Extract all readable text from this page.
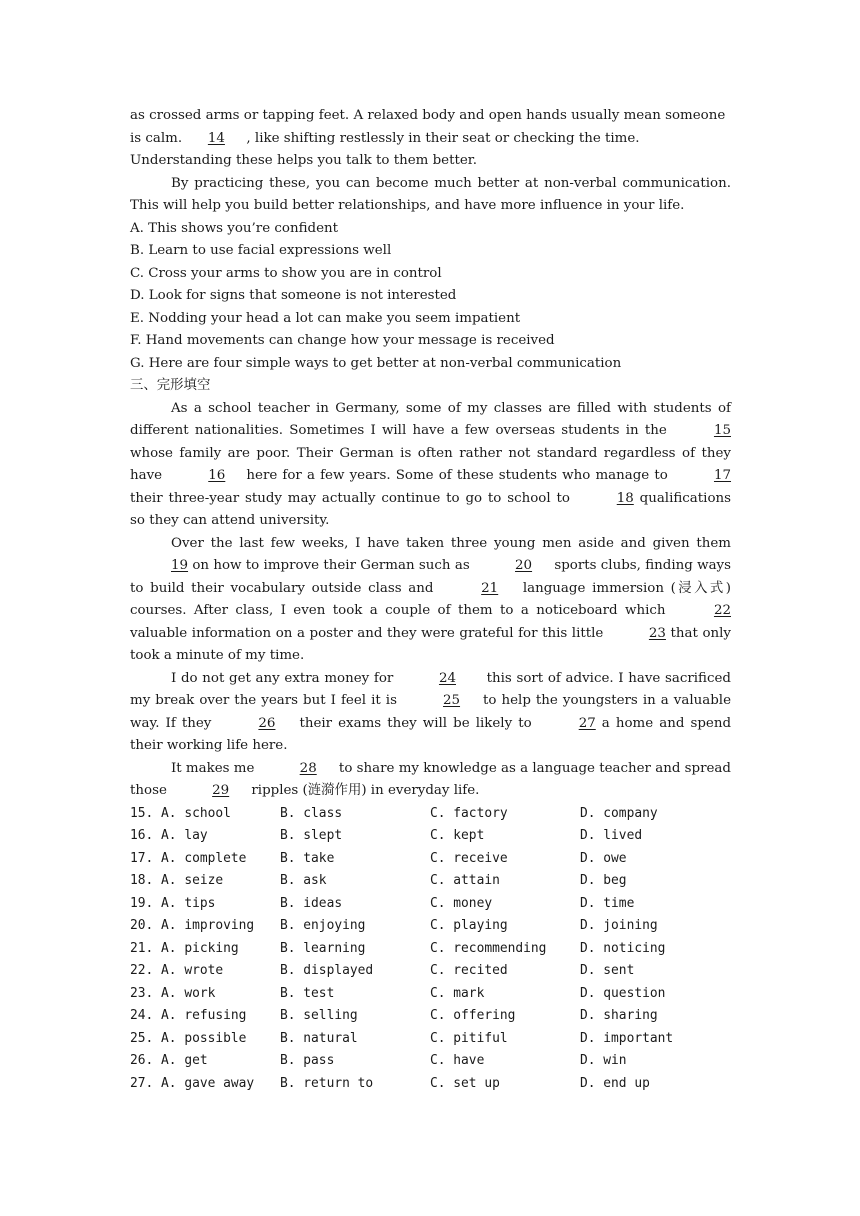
as crossed arms or tapping feet. A relaxed body and open hands usually mean someone

is calm. 14 , like shifting restlessly in their seat or checking the time.

Understanding these helps you talk to them better.

By practicing these, you can become much better at non-verbal communication. This will help you build better relationships, and have more influence in your life.

A. This shows you’re confident

B. Learn to use facial expressions well

C. Cross your arms to show you are in control

D. Look for signs that someone is not interested

E. Nodding your head a lot can make you seem impatient

F. Hand movements can change how your message is received

G. Here are four simple ways to get better at non-verbal communication

三、完形填空

As a school teacher in Germany, some of my classes are filled with students of different nationalities. Sometimes I will have a few overseas students in the	15 whose family are poor. Their German is often rather not standard regardless of they have	16 here for a few years. Some of these students who manage to	17 their three-year study may actually continue to go to school to	18 qualifications so they can attend university.

Over the last few weeks, I have taken three young men aside and given them 19 on how to improve their German such as	20 sports clubs, finding ways to build their vocabulary outside class and	21 language immersion (浸入式) courses. After class, I even took a couple of them to a noticeboard which	22 valuable information on a poster and they were grateful for this little	23 that only took a minute of my time.

I do not get any extra money for	24 this sort of advice. I have sacrificed my break over the years but I feel it is	25 to help the youngsters in a valuable way. If they	26 their exams they will be likely to	27 a home and spend their working life here.

It makes me	28 to share my knowledge as a language teacher and spread those	29 ripples (涟漪作用) in everyday life.

15. A. school	B. class	C. factory	D. company
16. A. lay	B. slept	C. kept	D. lived
17. A. complete	B. take	C. receive	D. owe
18. A. seize	B. ask	C. attain	D. beg
19. A. tips	B. ideas	C. money	D. time
20. A. improving	B. enjoying	C. playing	D. joining
21. A. picking	B. learning	C. recommending	D. noticing
22. A. wrote	B. displayed	C. recited	D. sent
23. A. work	B. test	C. mark	D. question
24. A. refusing	B. selling	C. offering	D. sharing
25. A. possible	B. natural	C. pitiful	D. important
26. A. get	B. pass	C. have	D. win
27. A. gave away	B. return to	C. set up	D. end up
